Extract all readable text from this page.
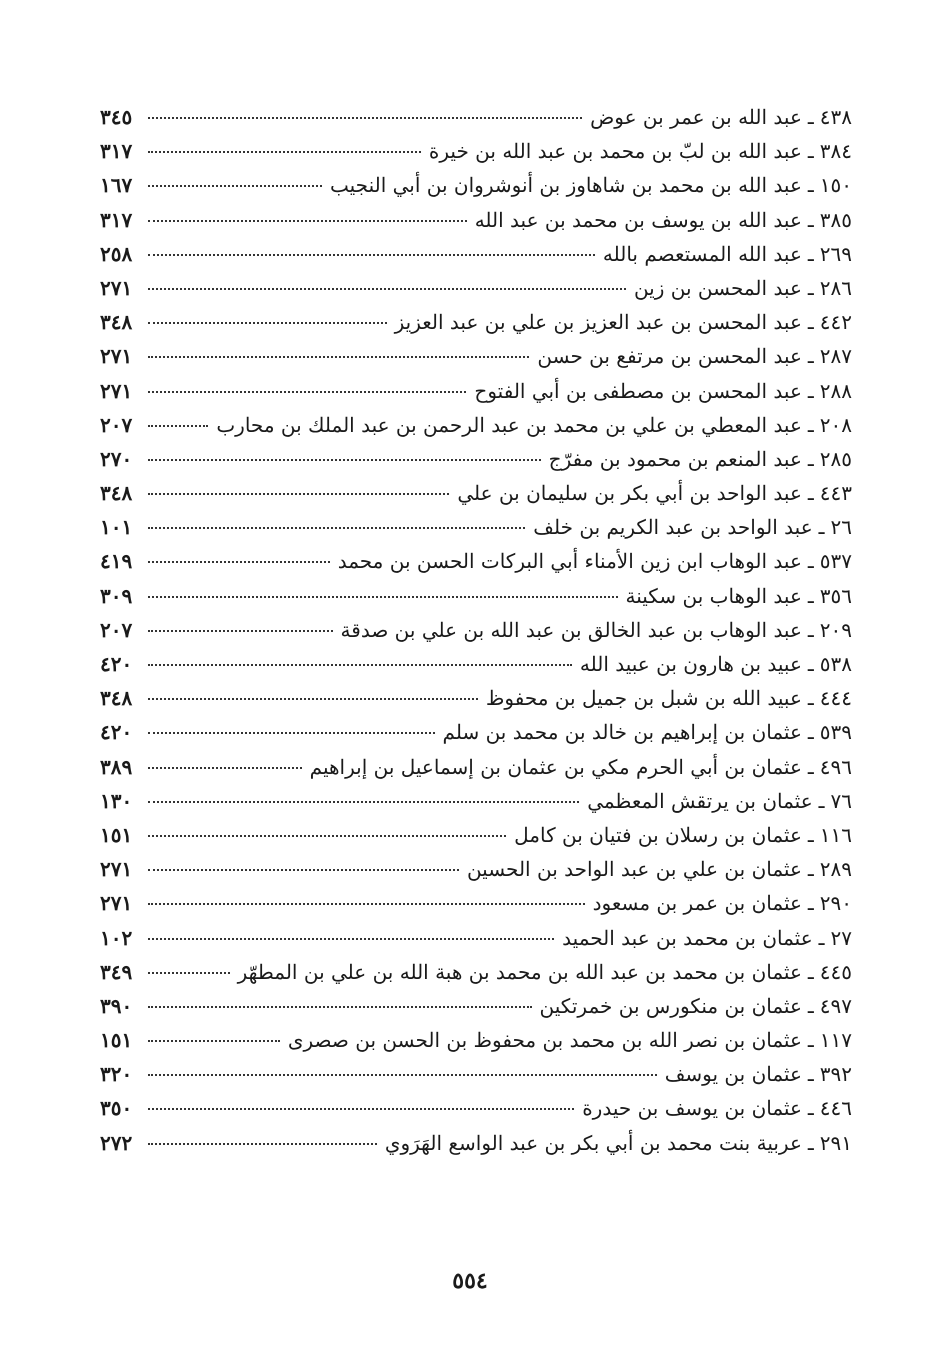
٤٣٨
ـ
عبد الله بن عمر بن عوض
٣٤٥
٣٨٤
ـ
عبد الله بن لبّ بن محمد بن عبد الله بن خيرة
٣١٧
١٥٠
ـ
عبد الله بن محمد بن شاهاوز بن أنوشروان بن أبي النجيب
١٦٧
٣٨٥
ـ
عبد الله بن يوسف بن محمد بن عبد الله
٣١٧
٢٦٩
ـ
عبد الله المستعصم بالله
٢٥٨
٢٨٦
ـ
عبد المحسن بن زين
٢٧١
٤٤٢
ـ
عبد المحسن بن عبد العزيز بن علي بن عبد العزيز
٣٤٨
٢٨٧
ـ
عبد المحسن بن مرتفع بن حسن
٢٧١
٢٨٨
ـ
عبد المحسن بن مصطفى بن أبي الفتوح
٢٧١
٢٠٨
ـ
عبد المعطي بن علي بن محمد بن عبد الرحمن بن عبد الملك بن محارب
٢٠٧
٢٨٥
ـ
عبد المنعم بن محمود بن مفرّج
٢٧٠
٤٤٣
ـ
عبد الواحد بن أبي بكر بن سليمان بن علي
٣٤٨
٢٦
ـ
عبد الواحد بن عبد الكريم بن خلف
١٠١
٥٣٧
ـ
عبد الوهاب ابن زين الأمناء أبي البركات الحسن بن محمد
٤١٩
٣٥٦
ـ
عبد الوهاب بن سكينة
٣٠٩
٢٠٩
ـ
عبد الوهاب بن عبد الخالق بن عبد الله بن علي بن صدقة
٢٠٧
٥٣٨
ـ
عبيد بن هارون بن عبيد الله
٤٢٠
٤٤٤
ـ
عبيد الله بن شبل بن جميل بن محفوظ
٣٤٨
٥٣٩
ـ
عثمان بن إبراهيم بن خالد بن محمد بن سلم
٤٢٠
٤٩٦
ـ
عثمان بن أبي الحرم مكي بن عثمان بن إسماعيل بن إبراهيم
٣٨٩
٧٦
ـ
عثمان بن يرتقش المعظمي
١٣٠
١١٦
ـ
عثمان بن رسلان بن فتيان بن كامل
١٥١
٢٨٩
ـ
عثمان بن علي بن عبد الواحد بن الحسين
٢٧١
٢٩٠
ـ
عثمان بن عمر بن مسعود
٢٧١
٢٧
ـ
عثمان بن محمد بن عبد الحميد
١٠٢
٤٤٥
ـ
عثمان بن محمد بن عبد الله بن محمد بن هبة الله بن علي بن المطهّر
٣٤٩
٤٩٧
ـ
عثمان بن منكورس بن خمرتكين
٣٩٠
١١٧
ـ
عثمان بن نصر الله بن محمد بن محفوظ بن الحسن بن صصرى
١٥١
٣٩٢
ـ
عثمان بن يوسف
٣٢٠
٤٤٦
ـ
عثمان بن يوسف بن حيدرة
٣٥٠
٢٩١
ـ
عربية بنت محمد بن أبي بكر بن عبد الواسع الهَرَوي
٢٧٢
٥٥٤
